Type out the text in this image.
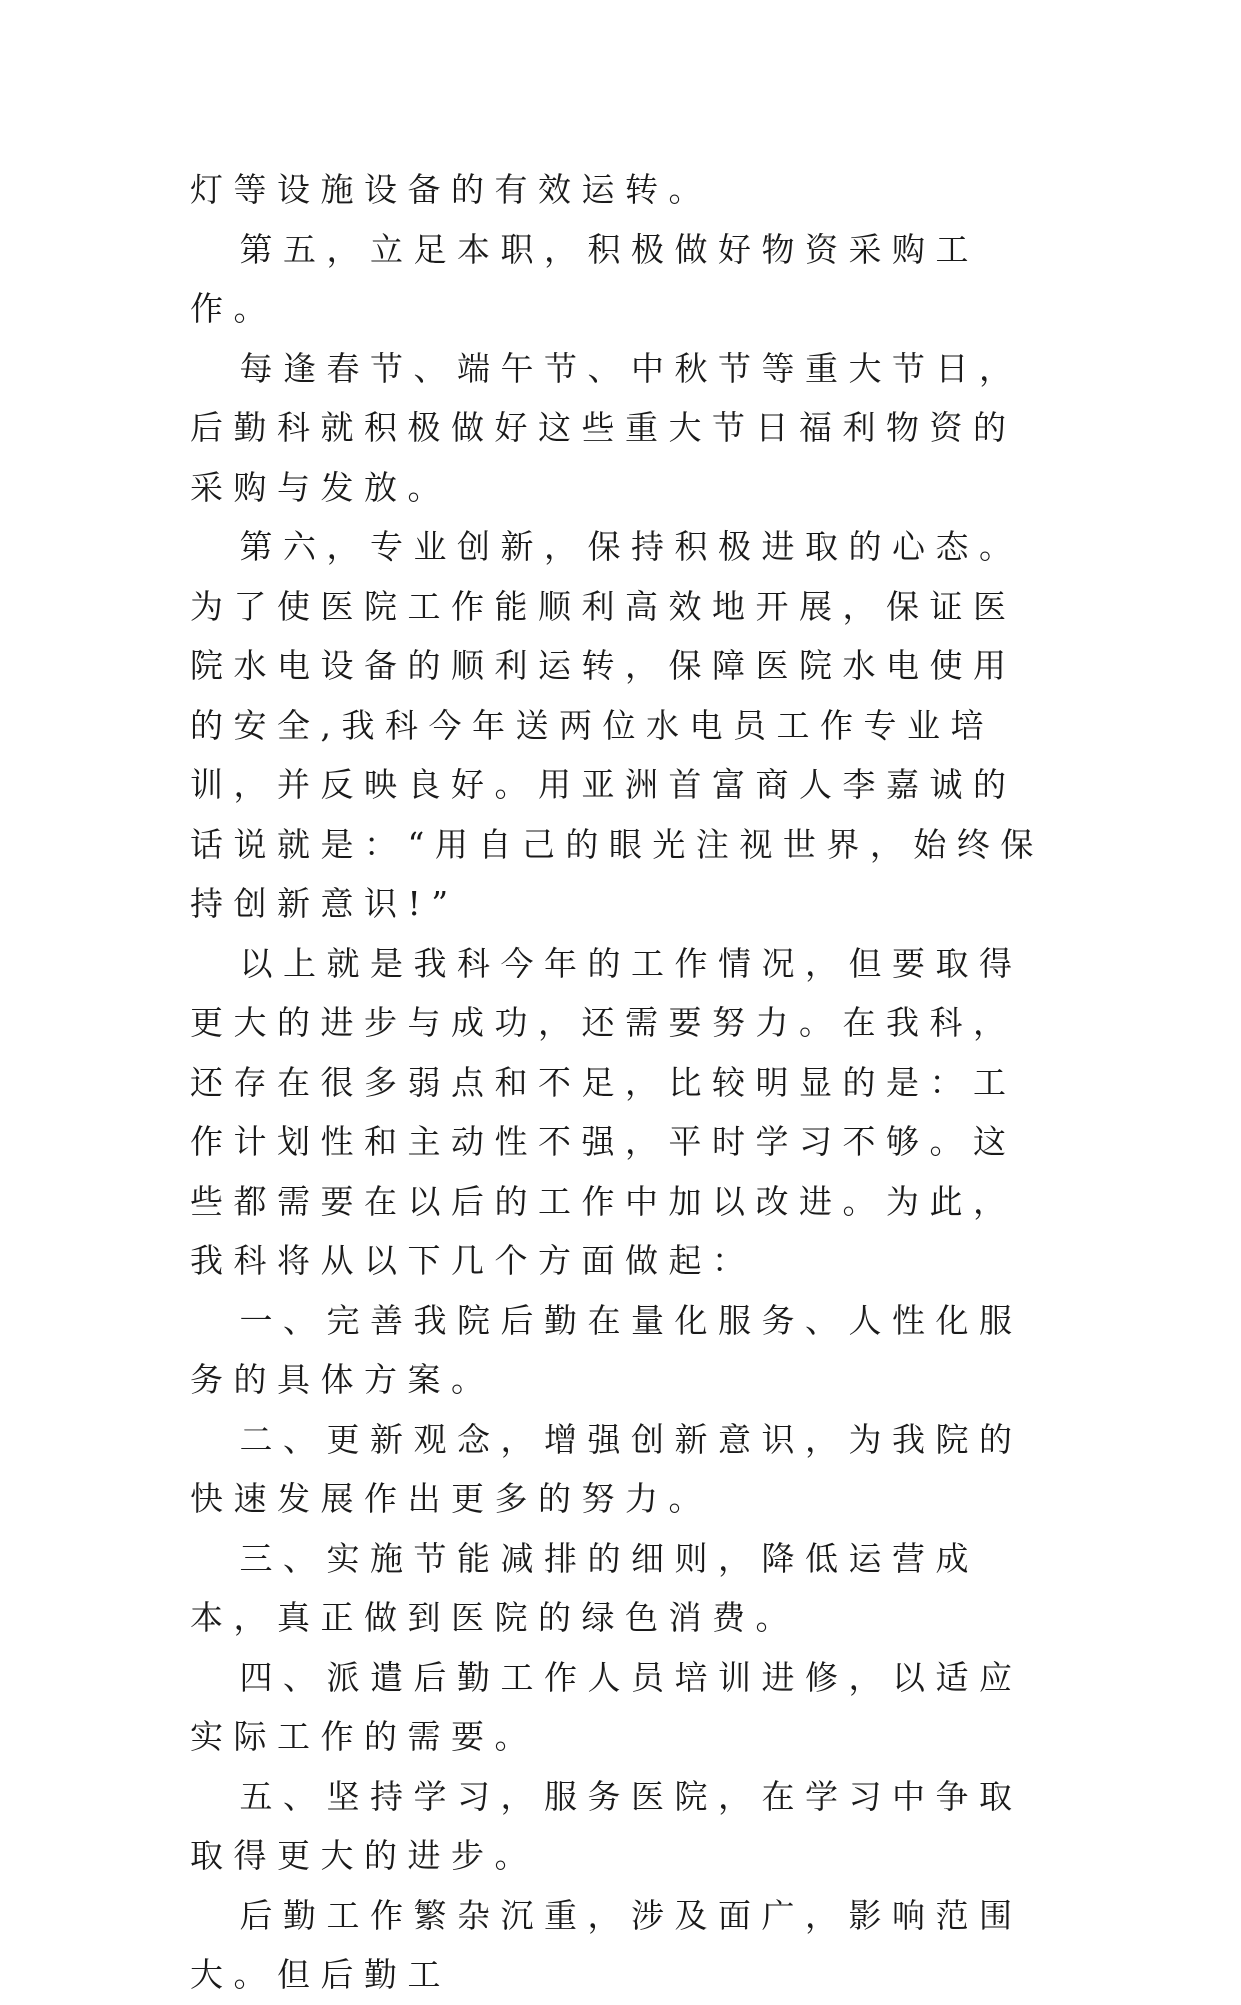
灯等设施设备的有效运转。

第五，立足本职，积极做好物资采购工作。

每逢春节、端午节、中秋节等重大节日，后勤科就积极做好这些重大节日福利物资的采购与发放。

第六，专业创新，保持积极进取的心态。为了使医院工作能顺利高效地开展，保证医院水电设备的顺利运转，保障医院水电使用的安全,我科今年送两位水电员工作专业培训，并反映良好。用亚洲首富商人李嘉诚的话说就是：“用自己的眼光注视世界，始终保持创新意识!”

以上就是我科今年的工作情况，但要取得更大的进步与成功，还需要努力。在我科，还存在很多弱点和不足，比较明显的是：工作计划性和主动性不强，平时学习不够。这些都需要在以后的工作中加以改进。为此，我科将从以下几个方面做起：

一、完善我院后勤在量化服务、人性化服务的具体方案。

二、更新观念，增强创新意识，为我院的快速发展作出更多的努力。

三、实施节能减排的细则，降低运营成本，真正做到医院的绿色消费。

四、派遣后勤工作人员培训进修，以适应实际工作的需要。

五、坚持学习，服务医院，在学习中争取取得更大的进步。

后勤工作繁杂沉重，涉及面广，影响范围大。但后勤工
